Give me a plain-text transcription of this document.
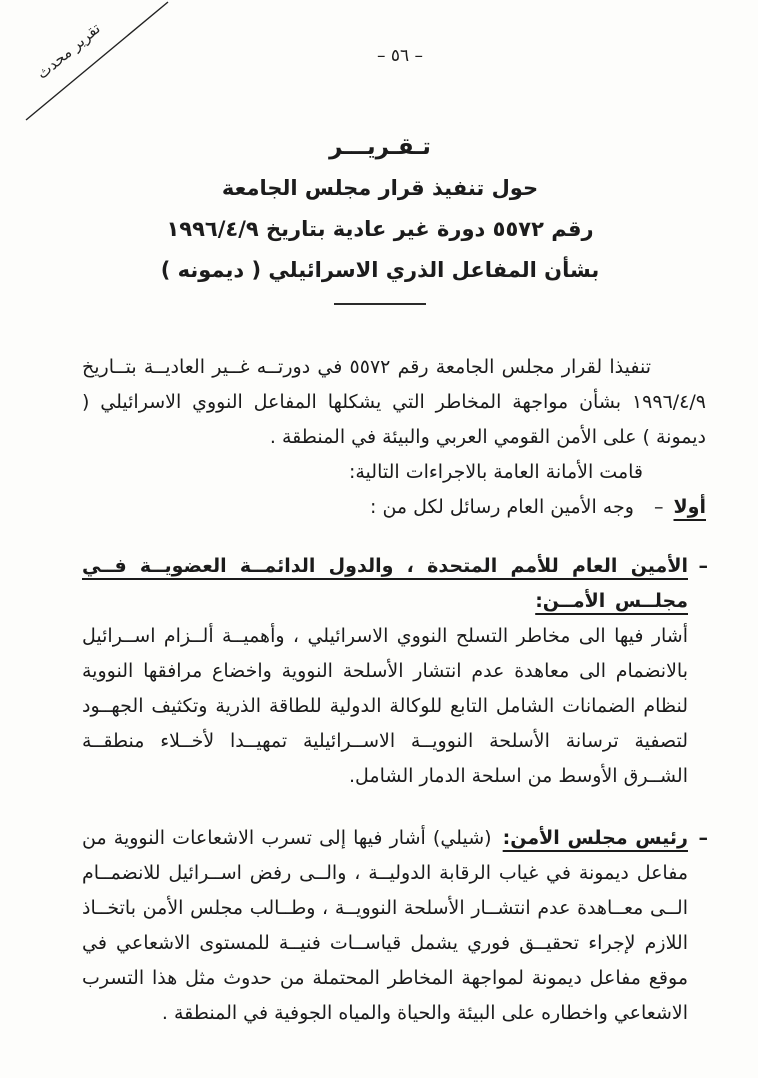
تقرير محدث	– ٥٦ –
تـقـريـــر
حول تنفيذ قرار مجلس الجامعة
رقم ٥٥٧٢ دورة غير عادية بتاريخ ١٩٩٦/٤/٩
بشأن المفاعل الذري الاسرائيلي ( ديمونه )

تنفيذا لقرار مجلس الجامعة رقم ٥٥٧٢ في دورتــه غــير العاديــة بتــاريخ ١٩٩٦/٤/٩ بشأن مواجهة المخاطر التي يشكلها المفاعل النووي الاسرائيلي ( ديمونة ) على الأمن القومي العربي والبيئة في المنطقة .

قامت الأمانة العامة بالاجراءات التالية:

أولا – وجه الأمين العام رسائل لكل من :

–
الأمين العام للأمم المتحدة ، والدول الدائمــة العضويــة فــي مجلــس الأمــن:

أشار فيها الى مخاطر التسلح النووي الاسرائيلي ، وأهميــة ألــزام اســرائيل بالانضمام الى معاهدة عدم انتشار الأسلحة النووية واخضاع مرافقها النووية لنظام الضمانات الشامل التابع للوكالة الدولية للطاقة الذرية وتكثيف الجهــود لتصفية ترسانة الأسلحة النوويــة الاســرائيلية تمهيــدا لأخــلاء منطقــة الشــرق الأوسط من اسلحة الدمار الشامل.

–

رئيس مجلس الأمن: (شيلي) أشار فيها إلى تسرب الاشعاعات النووية من مفاعل ديمونة في غياب الرقابة الدوليــة ، والــى رفض اســرائيل للانضمــام الــى معــاهدة عدم انتشــار الأسلحة النوويــة ، وطــالب مجلس الأمن باتخــاذ اللازم لإجراء تحقيــق فوري يشمل قياســات فنيــة للمستوى الاشعاعي في موقع مفاعل ديمونة لمواجهة المخاطر المحتملة من حدوث مثل هذا التسرب الاشعاعي واخطاره على البيئة والحياة والمياه الجوفية في المنطقة .
